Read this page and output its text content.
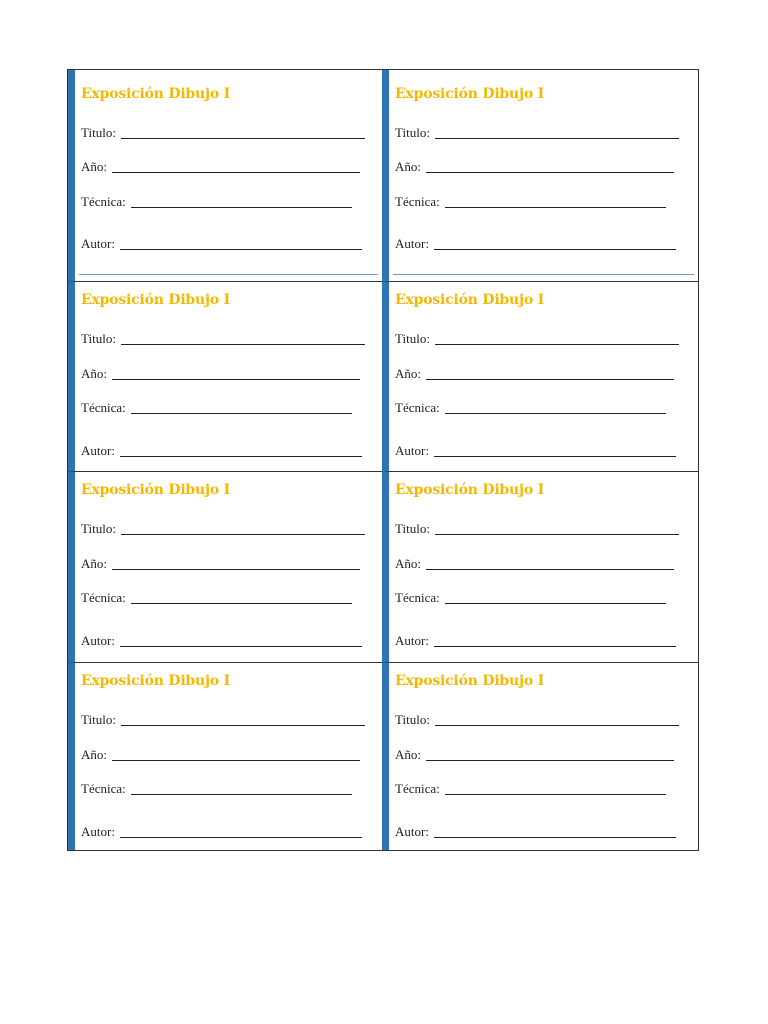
Exposición Dibujo I
Titulo:
Año:
Técnica:
Autor:
Exposición Dibujo I
Titulo:
Año:
Técnica:
Autor:
Exposición Dibujo I
Titulo:
Año:
Técnica:
Autor:
Exposición Dibujo I
Titulo:
Año:
Técnica:
Autor:
Exposición Dibujo I
Titulo:
Año:
Técnica:
Autor:
Exposición Dibujo I
Titulo:
Año:
Técnica:
Autor:
Exposición Dibujo I
Titulo:
Año:
Técnica:
Autor:
Exposición Dibujo I
Titulo:
Año:
Técnica:
Autor:
